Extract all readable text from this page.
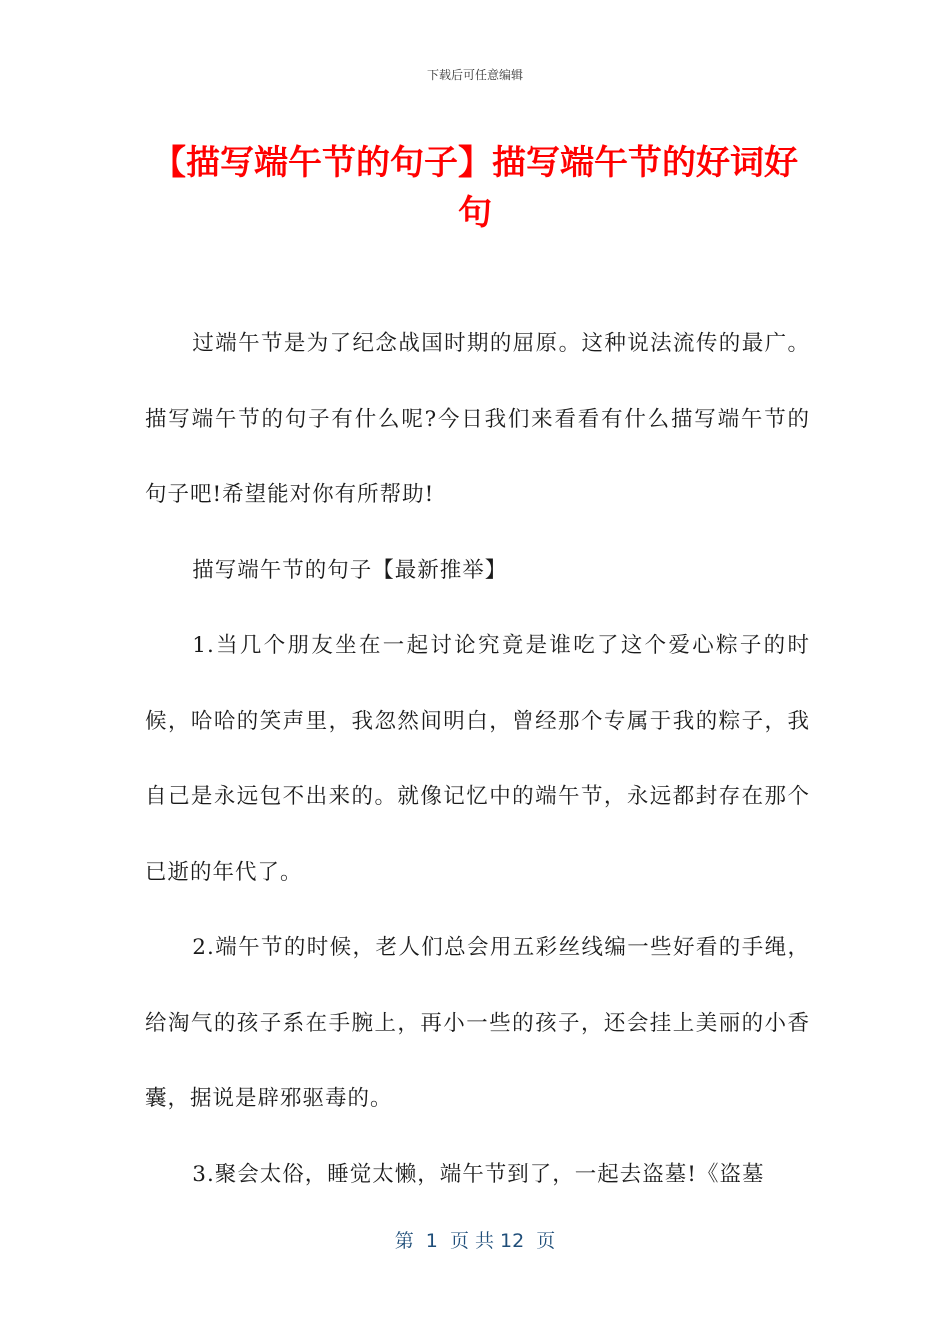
下载后可任意编辑
【描写端午节的句子】描写端午节的好词好句

过端午节是为了纪念战国时期的屈原。这种说法流传的最广。描写端午节的句子有什么呢?今日我们来看看有什么描写端午节的句子吧!希望能对你有所帮助!

描写端午节的句子【最新推举】

1.当几个朋友坐在一起讨论究竟是谁吃了这个爱心粽子的时候，哈哈的笑声里，我忽然间明白，曾经那个专属于我的粽子，我自己是永远包不出来的。就像记忆中的端午节，永远都封存在那个已逝的年代了。

2.端午节的时候，老人们总会用五彩丝线编一些好看的手绳，给淘气的孩子系在手腕上，再小一些的孩子，还会挂上美丽的小香囊，据说是辟邪驱毒的。

3.聚会太俗，睡觉太懒，端午节到了，一起去盗墓!《盗墓

第  1  页 共 12  页
